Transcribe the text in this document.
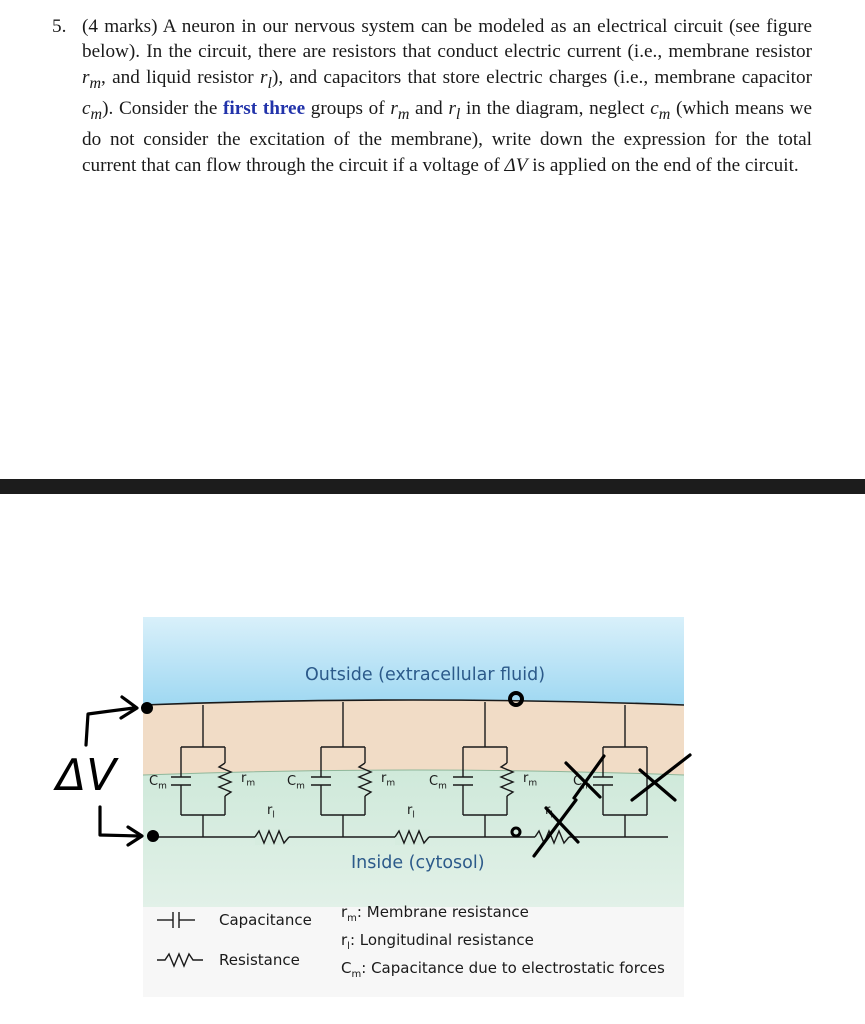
5. (4 marks) A neuron in our nervous system can be modeled as an electrical circuit (see figure below). In the circuit, there are resistors that conduct electric current (i.e., membrane resistor $r_m$, and liquid resistor $r_l$), and capacitors that store electric charges (i.e., membrane capacitor $c_m$). Consider the first three groups of $r_m$ and $r_l$ in the diagram, neglect $c_m$ (which means we do not consider the excitation of the membrane), write down the expression for the total current that can flow through the circuit if a voltage of ΔV is applied on the end of the circuit.
Outside (extracellular fluid)
Inside (cytosol)
$C_m$
$r_m$ $C_m$
$r_l$
$r_m$	$C_m$
$r_l$
$r_m$	$C_m$
$r_l$
Capacitance
Resistance
$r_m$: Membrane resistance
$r_l$: Longitudinal resistance
$C_m$: Capacitance due to electrostatic forces
ΔV
